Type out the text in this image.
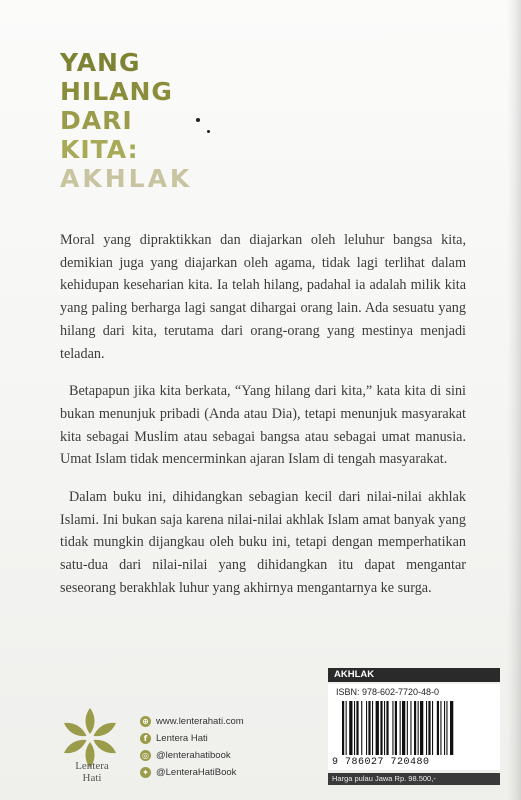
YANG
HILANG
DARI
KITA:
AKHLAK

Moral yang dipraktikkan dan diajarkan oleh leluhur bangsa kita, demikian juga yang diajarkan oleh agama, tidak lagi terlihat dalam kehidupan keseharian kita. Ia telah hilang, padahal ia adalah milik kita yang paling berharga lagi sangat dihargai orang lain. Ada sesuatu yang hilang dari kita, terutama dari orang-orang yang mestinya menjadi teladan.

Betapapun jika kita berkata, “Yang hilang dari kita,” kata kita di sini bukan menunjuk pribadi (Anda atau Dia), tetapi menunjuk masyarakat kita sebagai Muslim atau sebagai bangsa atau sebagai umat manusia. Umat Islam tidak mencerminkan ajaran Islam di tengah masyarakat.

Dalam buku ini, dihidangkan sebagian kecil dari nilai-nilai akhlak Islami. Ini bukan saja karena nilai-nilai akhlak Islam amat banyak yang tidak mungkin dijangkau oleh buku ini, tetapi dengan memperhatikan satu-dua dari nilai-nilai yang dihidangkan itu dapat mengantar seseorang berakhlak luhur yang akhirnya mengantarnya ke surga.

Lentera
Hati
⊕ www.lenterahati.com
f Lentera Hati
◎ @lenterahatibook
✦ @LenteraHatiBook
AKHLAK
ISBN: 978-602-7720-48-0
9 786027 720480
Harga pulau Jawa Rp. 98.500,-
